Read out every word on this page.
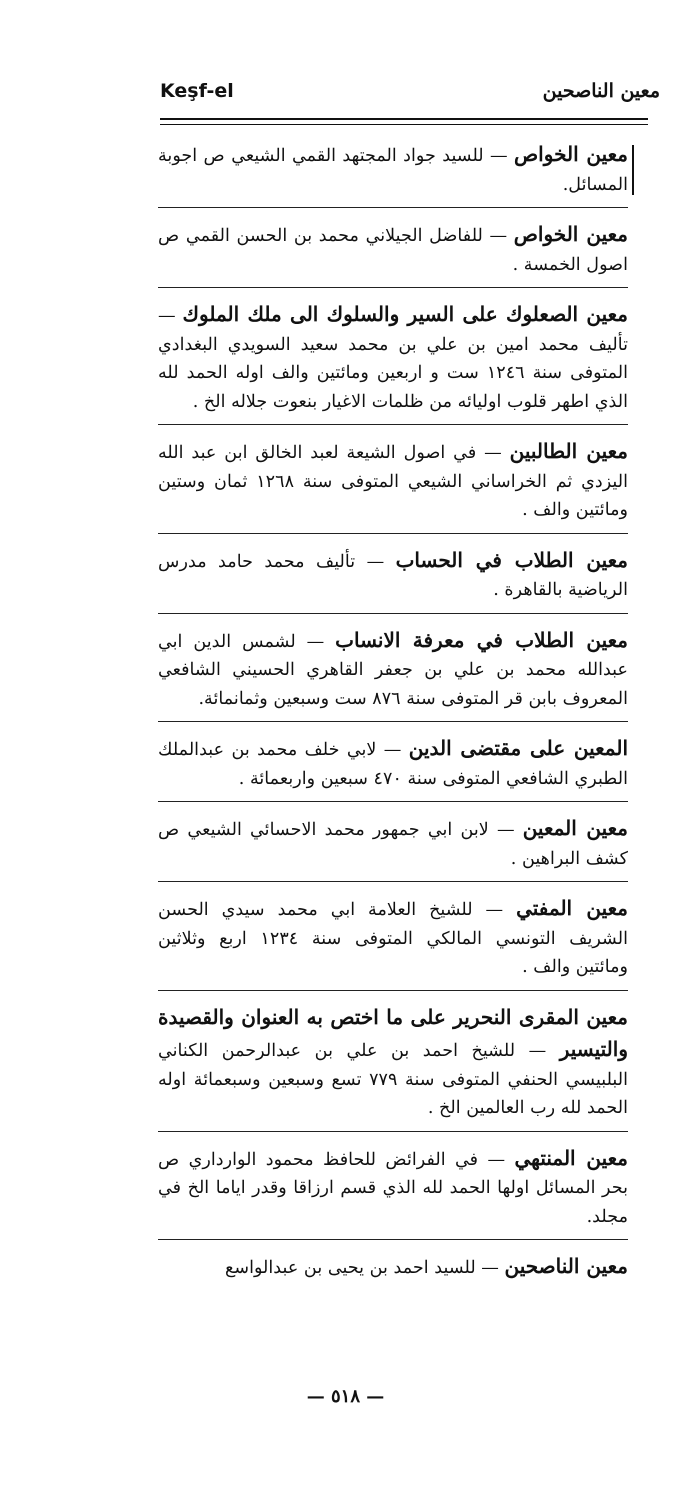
معين الناصحين
Keşf-el

معين الخواص — للسيد جواد المجتهد القمي الشيعي ص اجوبة المسائل.

معين الخواص — للفاضل الجيلاني محمد بن الحسن القمي ص اصول الخمسة .

معين الصعلوك على السير والسلوك الى ملك الملوك — تأليف محمد امين بن علي بن محمد سعيد السويدي البغدادي المتوفى سنة ١٢٤٦ ست و اربعين ومائتين والف اوله الحمد لله الذي اطهر قلوب اوليائه من ظلمات الاغيار بنعوت جلاله الخ .

معين الطالبين — في اصول الشيعة لعبد الخالق ابن عبد الله اليزدي ثم الخراساني الشيعي المتوفى سنة ١٢٦٨ ثمان وستين ومائتين والف .

معين الطلاب في الحساب — تأليف محمد حامد مدرس الرياضية بالقاهرة .

معين الطلاب في معرفة الانساب — لشمس الدين ابي عبدالله محمد بن علي بن جعفر القاهري الحسيني الشافعي المعروف بابن قر المتوفى سنة ٨٧٦ ست وسبعين وثمانمائة.

المعين على مقتضى الدين — لابي خلف محمد بن عبدالملك الطبري الشافعي المتوفى سنة ٤٧٠ سبعين واربعمائة .

معين المعين — لابن ابي جمهور محمد الاحسائي الشيعي ص كشف البراهين .

معين المفتي — للشيخ العلامة ابي محمد سيدي الحسن الشريف التونسي المالكي المتوفى سنة ١٢٣٤ اربع وثلاثين ومائتين والف .

معين المقرى النحرير على ما اختص به العنوان والقصيدة والتيسير — للشيخ احمد بن علي بن عبدالرحمن الكناني البلبيسي الحنفي المتوفى سنة ٧٧٩ تسع وسبعين وسبعمائة اوله الحمد لله رب العالمين الخ .

معين المنتهي — في الفرائض للحافظ محمود الوارداري ص بحر المسائل اولها الحمد لله الذي قسم ارزاقا وقدر اياما الخ في مجلد.

معين الناصحين — للسيد احمد بن يحيى بن عبدالواسع

— ٥١٨ —
